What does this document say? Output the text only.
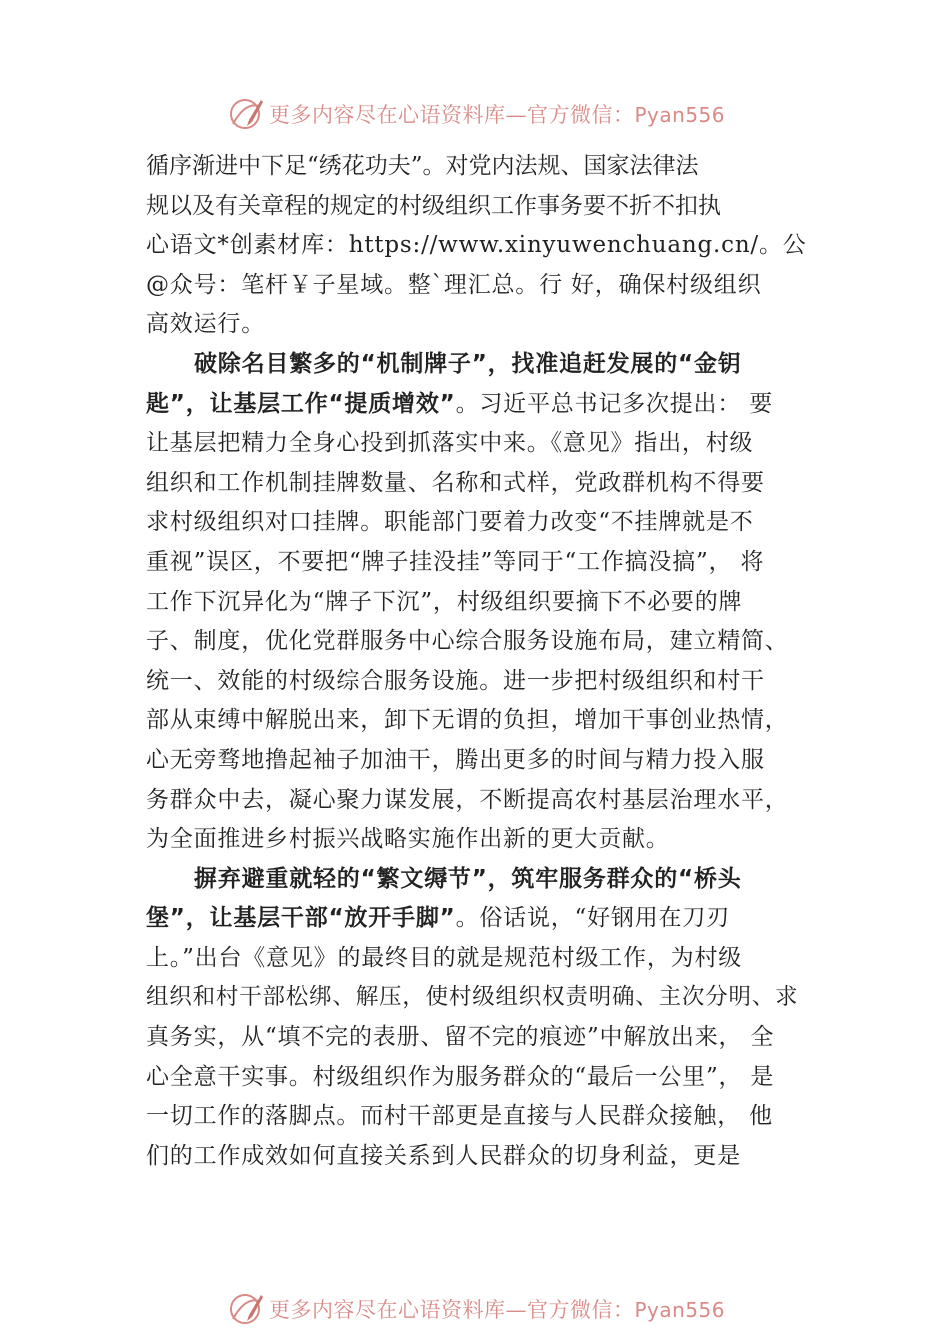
更多内容尽在心语资料库—官方微信：Pyan556
循序渐进中下足“绣花功夫”。对党内法规、国家法律法
规以及有关章程的规定的村级组织工作事务要不折不扣执
心语文*创素材库：https://www.xinyuwenchuang.cn/。公
@众号：笔杆￥子星域。整`理汇总。行 好，确保村级组织
高效运行。
破除名目繁多的“机制牌子”，找准追赶发展的“金钥
匙”，让基层工作“提质增效”。习近平总书记多次提出： 要
让基层把精力全身心投到抓落实中来。《意见》指出，村级
组织和工作机制挂牌数量、名称和式样，党政群机构不得要
求村级组织对口挂牌。职能部门要着力改变“不挂牌就是不
重视”误区，不要把“牌子挂没挂”等同于“工作搞没搞”， 将
工作下沉异化为“牌子下沉”，村级组织要摘下不必要的牌
子、制度，优化党群服务中心综合服务设施布局，建立精简、
统一、效能的村级综合服务设施。进一步把村级组织和村干
部从束缚中解脱出来，卸下无谓的负担，增加干事创业热情，
心无旁骛地撸起袖子加油干，腾出更多的时间与精力投入服
务群众中去，凝心聚力谋发展，不断提高农村基层治理水平，
为全面推进乡村振兴战略实施作出新的更大贡献。
摒弃避重就轻的“繁文缛节”，筑牢服务群众的“桥头
堡”，让基层干部“放开手脚”。俗话说，“好钢用在刀刃
上。”出台《意见》的最终目的就是规范村级工作，为村级
组织和村干部松绑、解压，使村级组织权责明确、主次分明、求
真务实，从“填不完的表册、留不完的痕迹”中解放出来， 全
心全意干实事。村级组织作为服务群众的“最后一公里”， 是
一切工作的落脚点。而村干部更是直接与人民群众接触， 他
们的工作成效如何直接关系到人民群众的切身利益，更是
更多内容尽在心语资料库—官方微信：Pyan556
